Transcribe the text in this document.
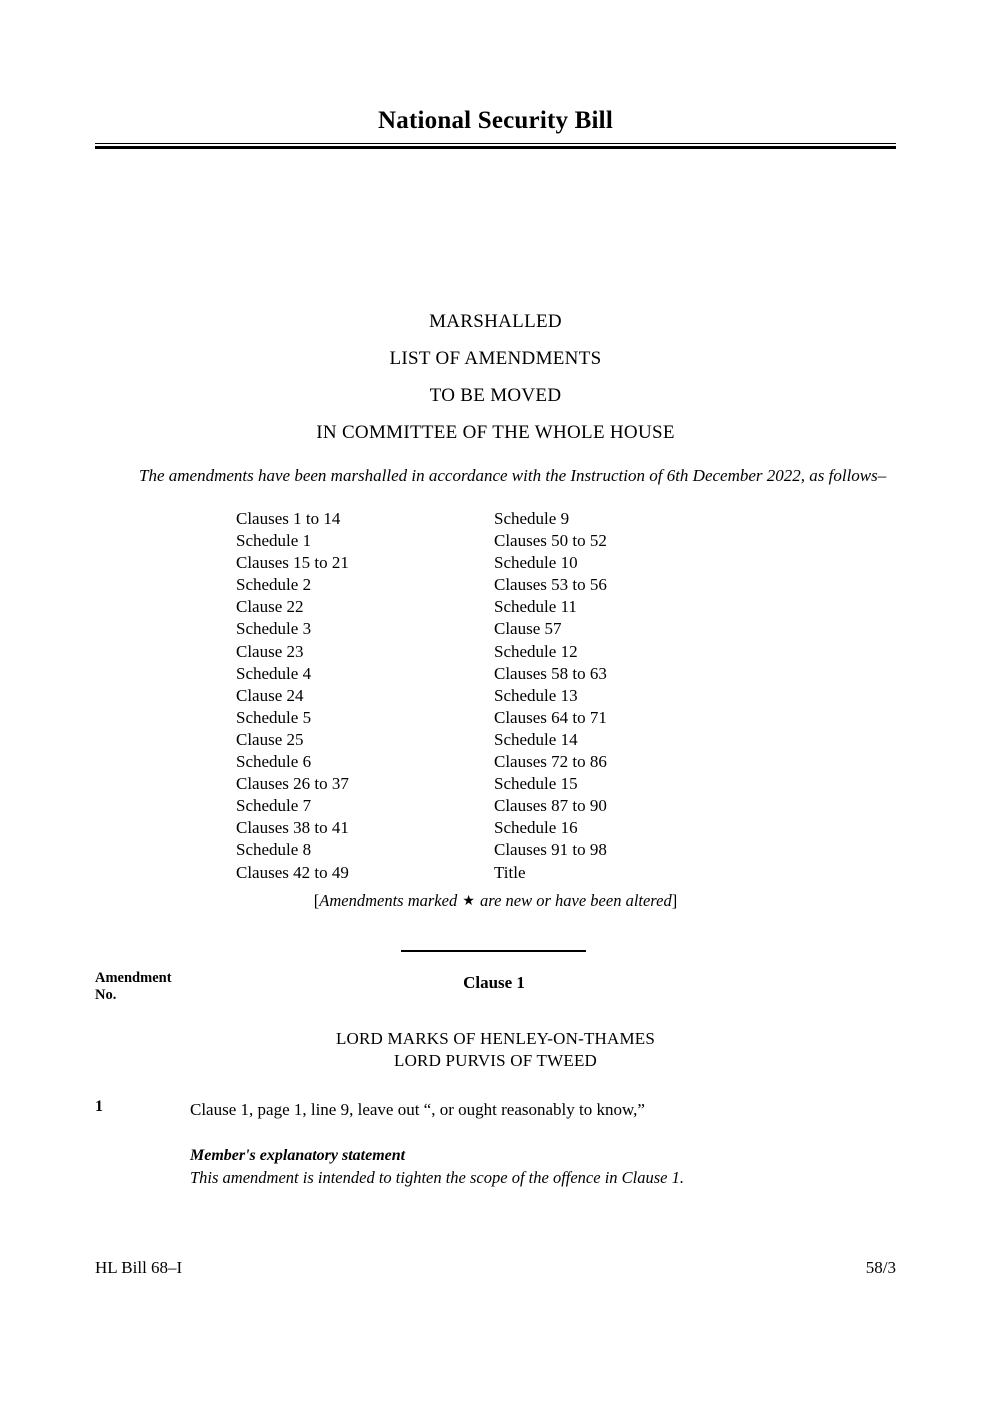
National Security Bill
MARSHALLED
LIST OF AMENDMENTS
TO BE MOVED
IN COMMITTEE OF THE WHOLE HOUSE
The amendments have been marshalled in accordance with the Instruction of 6th December 2022, as follows–
Clauses 1 to 14
Schedule 1
Clauses 15 to 21
Schedule 2
Clause 22
Schedule 3
Clause 23
Schedule 4
Clause 24
Schedule 5
Clause 25
Schedule 6
Clauses 26 to 37
Schedule 7
Clauses 38 to 41
Schedule 8
Clauses 42 to 49
Schedule 9
Clauses 50 to 52
Schedule 10
Clauses 53 to 56
Schedule 11
Clause 57
Schedule 12
Clauses 58 to 63
Schedule 13
Clauses 64 to 71
Schedule 14
Clauses 72 to 86
Schedule 15
Clauses 87 to 90
Schedule 16
Clauses 91 to 98
Title
[Amendments marked ★ are new or have been altered]
Amendment
No.
Clause 1
LORD MARKS OF HENLEY-ON-THAMES
LORD PURVIS OF TWEED
1	Clause 1, page 1, line 9, leave out “, or ought reasonably to know,”
Member's explanatory statement
This amendment is intended to tighten the scope of the offence in Clause 1.
HL Bill 68–I	58/3
